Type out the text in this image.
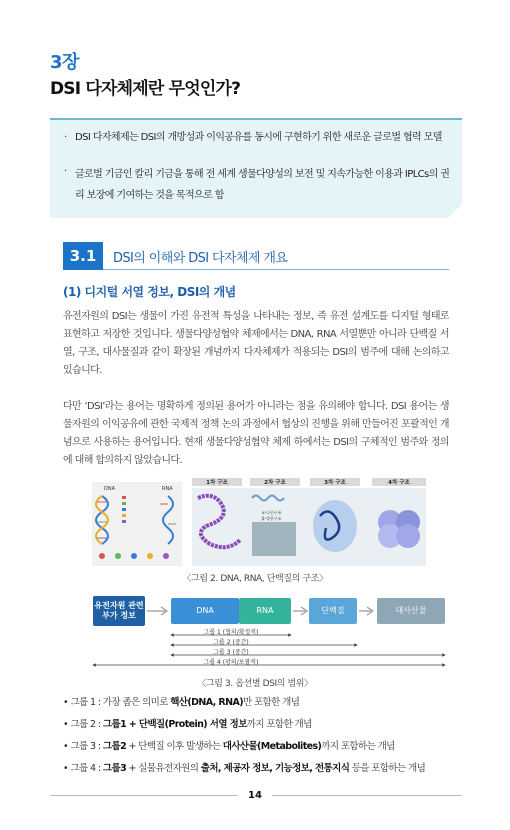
3장
DSI 다자체제란 무엇인가?
· DSI 다자체제는 DSI의 개방성과 이익공유를 동시에 구현하기 위한 새로운 글로벌 협력 모델
· 글로벌 기금인 칼리 기금을 통해 전 세계 생물다양성의 보전 및 지속가능한 이용과 IPLCs의 권리 보장에 기여하는 것을 목적으로 함
3.1	DSI의 이해와 DSI 다자체제 개요
(1) 디지털 서열 정보, DSI의 개념
유전자원의 DSI는 생물이 가진 유전적 특성을 나타내는 정보, 즉 유전 설계도를 디지털 형태로 표현하고 저장한 것입니다. 생물다양성협약 체제에서는 DNA, RNA 서열뿐만 아니라 단백질 서열, 구조, 대사물질과 같이 확장된 개념까지 다자체제가 적용되는 DSI의 범주에 대해 논의하고 있습니다.
다만 ‘DSI’라는 용어는 명확하게 정의된 용어가 아니라는 점을 유의해야 합니다. DSI 용어는 생물자원의 이익공유에 관한 국제적 정책 논의 과정에서 협상의 진행을 위해 만들어진 포괄적인 개념으로 사용하는 용어입니다. 현재 생물다양성협약 체제 하에서는 DSI의 구체적인 범주와 정의에 대해 합의하지 않았습니다.
DNA	RNA
1차 구조	2차 구조	3차 구조	4차 구조
α-나선구조
β-병풍구조
〈그림 2. DNA, RNA, 단백질의 구조〉
유전자원 관련 부가 정보
DNA	RNA	단백질	대사산물
그룹 1 (협의/확정적)
그룹 2 (중간)
그룹 3 (중간)
그룹 4 (광의/포괄적)
〈그림 3. 옵션별 DSI의 범위〉
• 그룹 1 : 가장 좁은 의미로 핵산(DNA, RNA)만 포함한 개념
• 그룹 2 : 그룹1 + 단백질(Protein) 서열 정보까지 포함한 개념
• 그룹 3 : 그룹2 + 단백질 이후 발생하는 대사산물(Metabolites)까지 포함하는 개념
• 그룹 4 : 그룹3 + 실물유전자원의 출처, 제공자 정보, 기능정보, 전통지식 등을 포함하는 개념
14
